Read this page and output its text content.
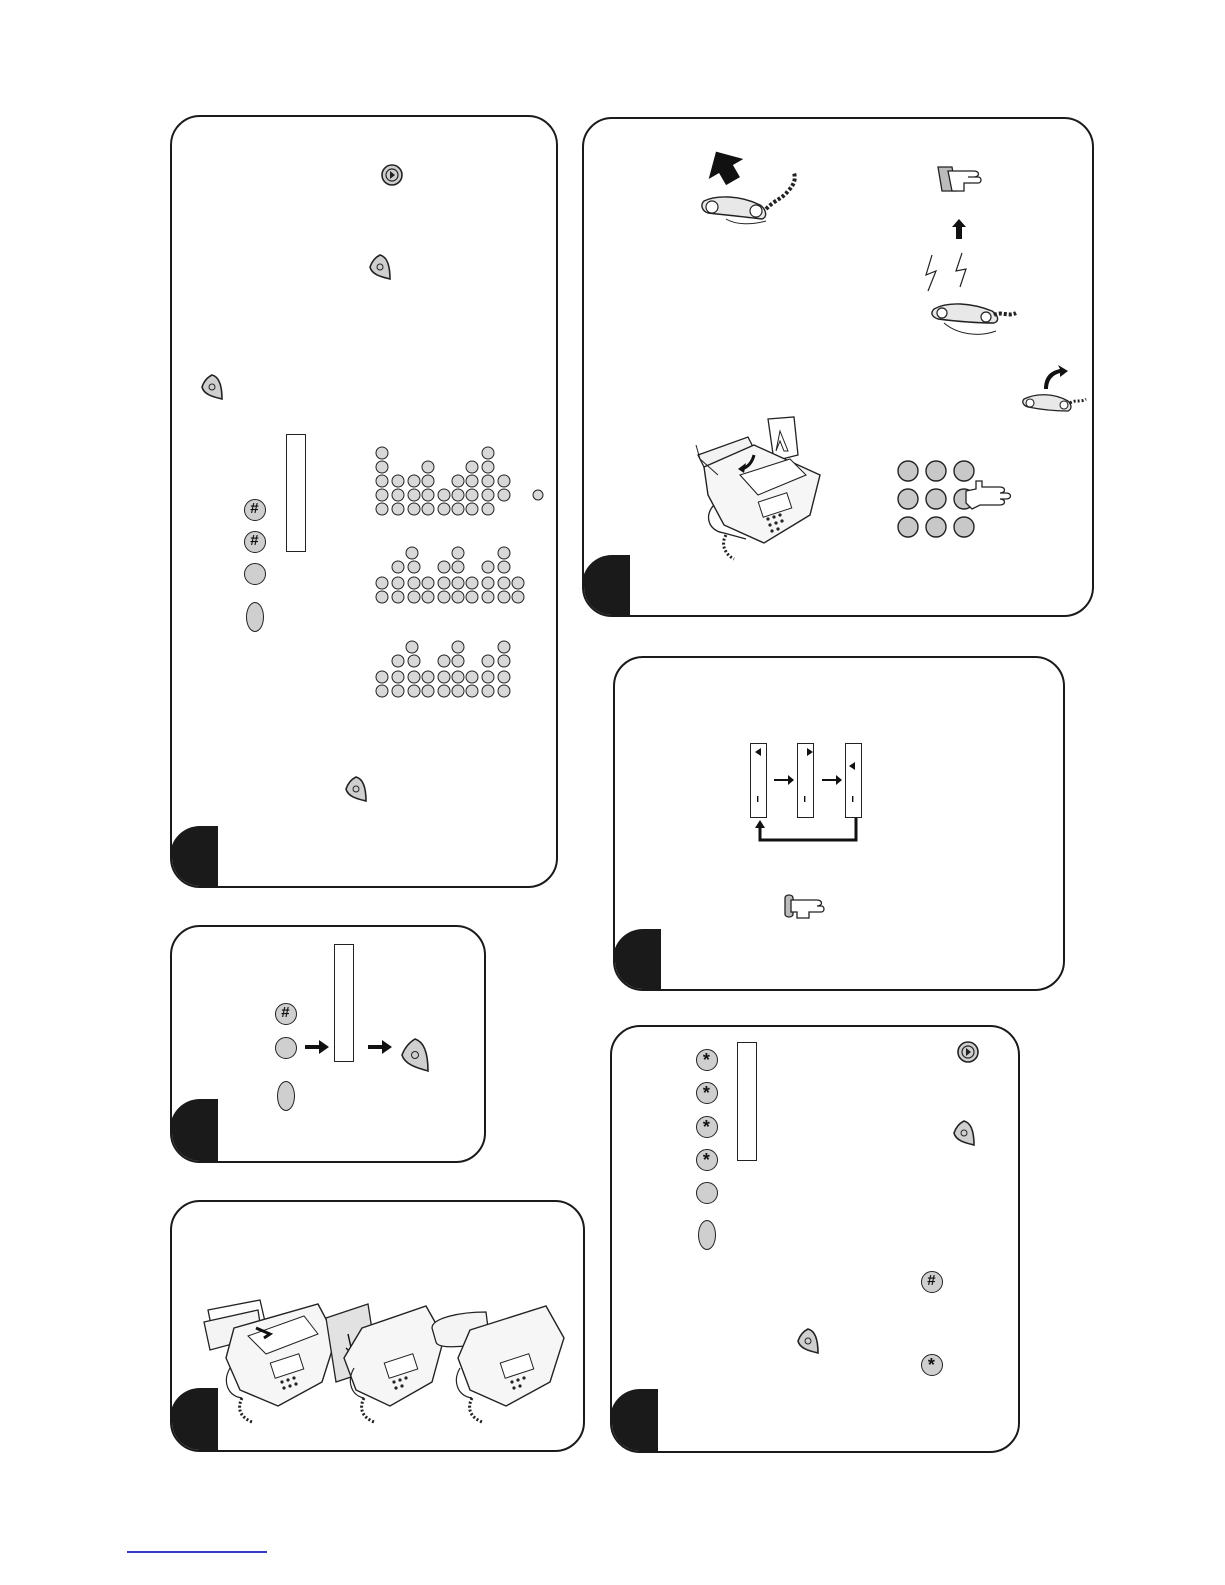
#
#
#
*
*
*
*
#
*
